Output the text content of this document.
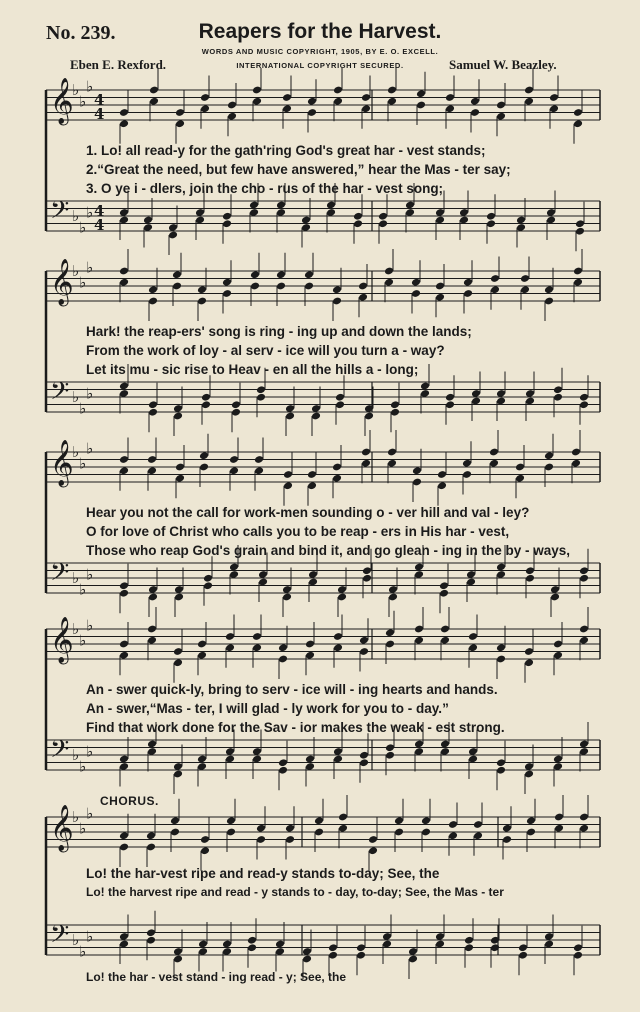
No. 239.	Reapers for the Harvest.
WORDS AND MUSIC COPYRIGHT, 1905, BY E. O. EXCELL.
INTERNATIONAL COPYRIGHT SECURED.
Eben E. Rexford.	Samuel W. Beazley.
𝄞
𝄢
♭
♭
♭
♭
♭
♭
𝄞
𝄢
♭
♭
♭
♭
♭
♭
𝄞
𝄢
♭
♭
♭
♭
♭
♭
𝄞
𝄢
♭
♭
♭
♭
♭
♭
𝄞
𝄢
♭
♭
♭
♭
♭
♭
4
4
4
4
1. Lo! all read-y for the gath'ring God's great har - vest stands;
2.“Great the need, but few have answered,” hear the Mas - ter say;
3. O ye i - dlers, join the cho - rus of the har - vest song;
Hark! the reap-ers' song is ring - ing up and down the lands;
From the work of loy - al serv - ice will you turn a - way?
Let its mu - sic rise to Heav - en all the hills a - long;
Hear you not the call for work-men sounding o - ver hill and val - ley?
O for love of Christ who calls you to be reap - ers in His har - vest,
Those who reap God's grain and bind it, and go glean - ing in the by - ways,
An - swer quick-ly, bring to serv - ice will - ing hearts and hands.
An - swer,“Mas - ter, I will glad - ly work for you to - day.”
Find that work done for the Sav - ior makes the weak - est strong.
CHORUS.
Lo! the har-vest ripe and read-y stands to-day; See, the
Lo! the harvest ripe and read - y stands to - day, to-day; See, the Mas - ter
Lo! the har - vest stand - ing read - y; See, the
